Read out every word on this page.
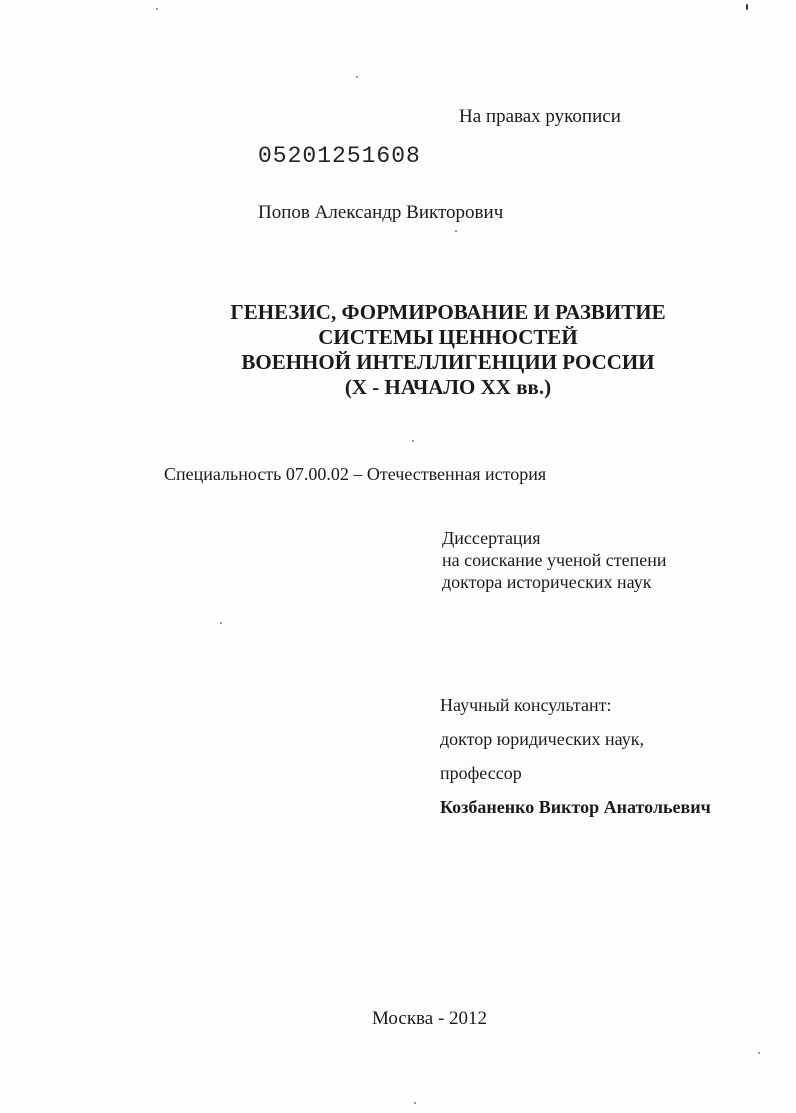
На правах рукописи
05201251608
Попов Александр Викторович
ГЕНЕЗИС, ФОРМИРОВАНИЕ И РАЗВИТИЕ
СИСТЕМЫ ЦЕННОСТЕЙ
ВОЕННОЙ ИНТЕЛЛИГЕНЦИИ РОССИИ
(X - НАЧАЛО XX вв.)
Специальность 07.00.02 – Отечественная история
Диссертация
на соискание ученой степени
доктора исторических наук
Научный консультант:
доктор юридических наук,
профессор
Козбаненко Виктор Анатольевич
Москва - 2012
